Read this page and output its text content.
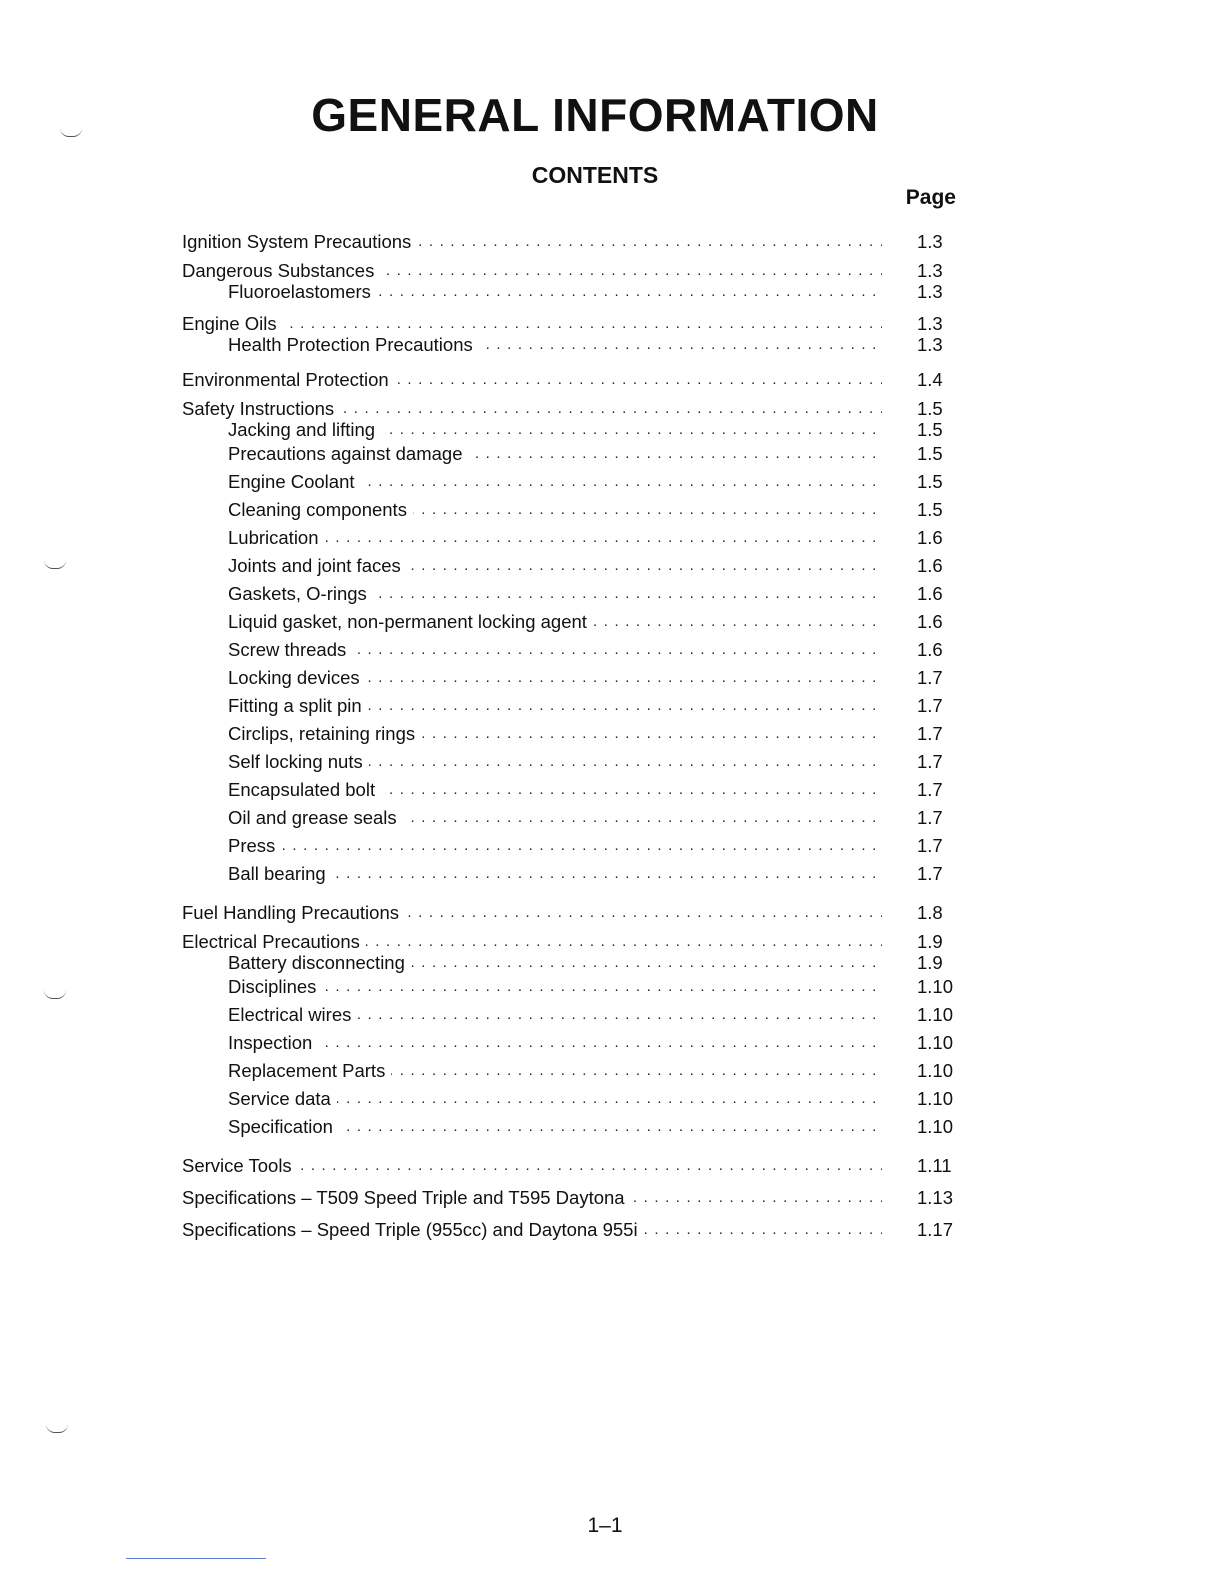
GENERAL INFORMATION
CONTENTS
Page
Ignition System Precautions . . .	1.3
Dangerous Substances . . .	1.3
Fluoroelastomers . . .	1.3
Engine Oils . . .	1.3
Health Protection Precautions . . .	1.3
Environmental Protection . . .	1.4
Safety Instructions . . .	1.5
Jacking and lifting . . .	1.5
Precautions against damage . . .	1.5
Engine Coolant . . .	1.5
Cleaning components . . .	1.5
Lubrication . . .	1.6
Joints and joint faces . . .	1.6
Gaskets, O-rings . . .	1.6
Liquid gasket, non-permanent locking agent . . .	1.6
Screw threads . . .	1.6
Locking devices . . .	1.7
Fitting a split pin . . .	1.7
Circlips, retaining rings . . .	1.7
Self locking nuts . . .	1.7
Encapsulated bolt . . .	1.7
Oil and grease seals . . .	1.7
Press . . .	1.7
Ball bearing . . .	1.7
Fuel Handling Precautions . . .	1.8
Electrical Precautions . . .	1.9
Battery disconnecting . . .	1.9
Disciplines . . .	1.10
Electrical wires . . .	1.10
Inspection . . .	1.10
Replacement Parts . . .	1.10
Service data . . .	1.10
Specification . . .	1.10
Service Tools . . .	1.11
Specifications – T509 Speed Triple and T595 Daytona . . .	1.13
Specifications – Speed Triple (955cc) and Daytona 955i . . .	1.17
1–1
